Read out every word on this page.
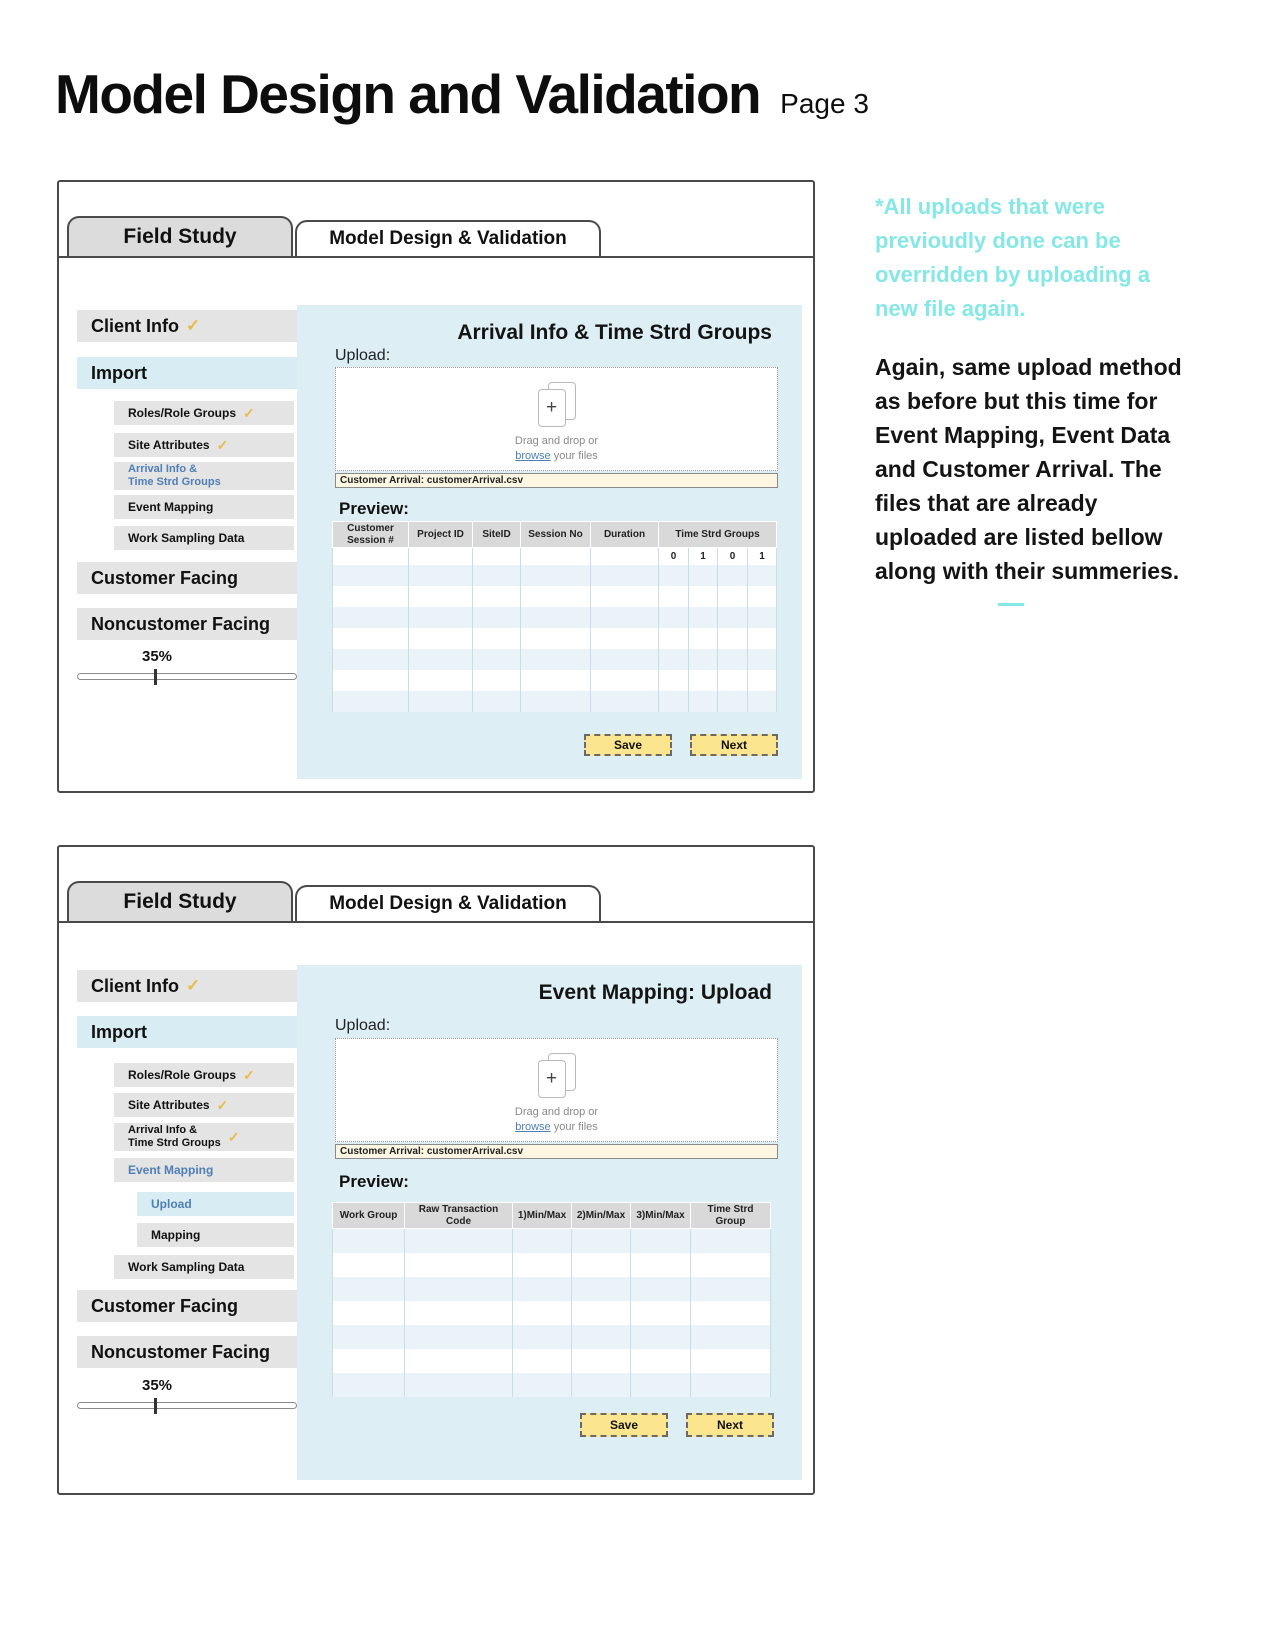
Model Design and Validation Page 3
Field Study	Model Design & Validation
Client Info ✓
Import
Roles/Role Groups ✓
Site Attributes ✓
Arrival Info &
Time Strd Groups
Event Mapping
Work Sampling Data
Customer Facing
Noncustomer Facing
35%
Arrival Info & Time Strd Groups
Upload:
+
Drag and drop or
browse your files
Customer Arrival: customerArrival.csv
Preview:
Customer Session #	Project ID	SiteID	Session No	Duration	Time Strd Groups			
					0	1	0	1

Save	Next
*All uploads that were previoudly done can be overridden by uploading a new file again.
Again, same upload method as before but this time for Event Mapping, Event Data and Customer Arrival. The files that are already uploaded are listed bellow along with their summeries.
Field Study	Model Design & Validation
Client Info ✓
Import
Roles/Role Groups ✓
Site Attributes ✓
Arrival Info &
Time Strd Groups ✓
Event Mapping
Upload
Mapping
Work Sampling Data
Customer Facing
Noncustomer Facing
35%
Event Mapping: Upload
Upload:
+
Drag and drop or
browse your files
Customer Arrival: customerArrival.csv
Preview:
Work Group	Raw Transaction Code	1)Min/Max	2)Min/Max	3)Min/Max	Time Strd Group

Save	Next
